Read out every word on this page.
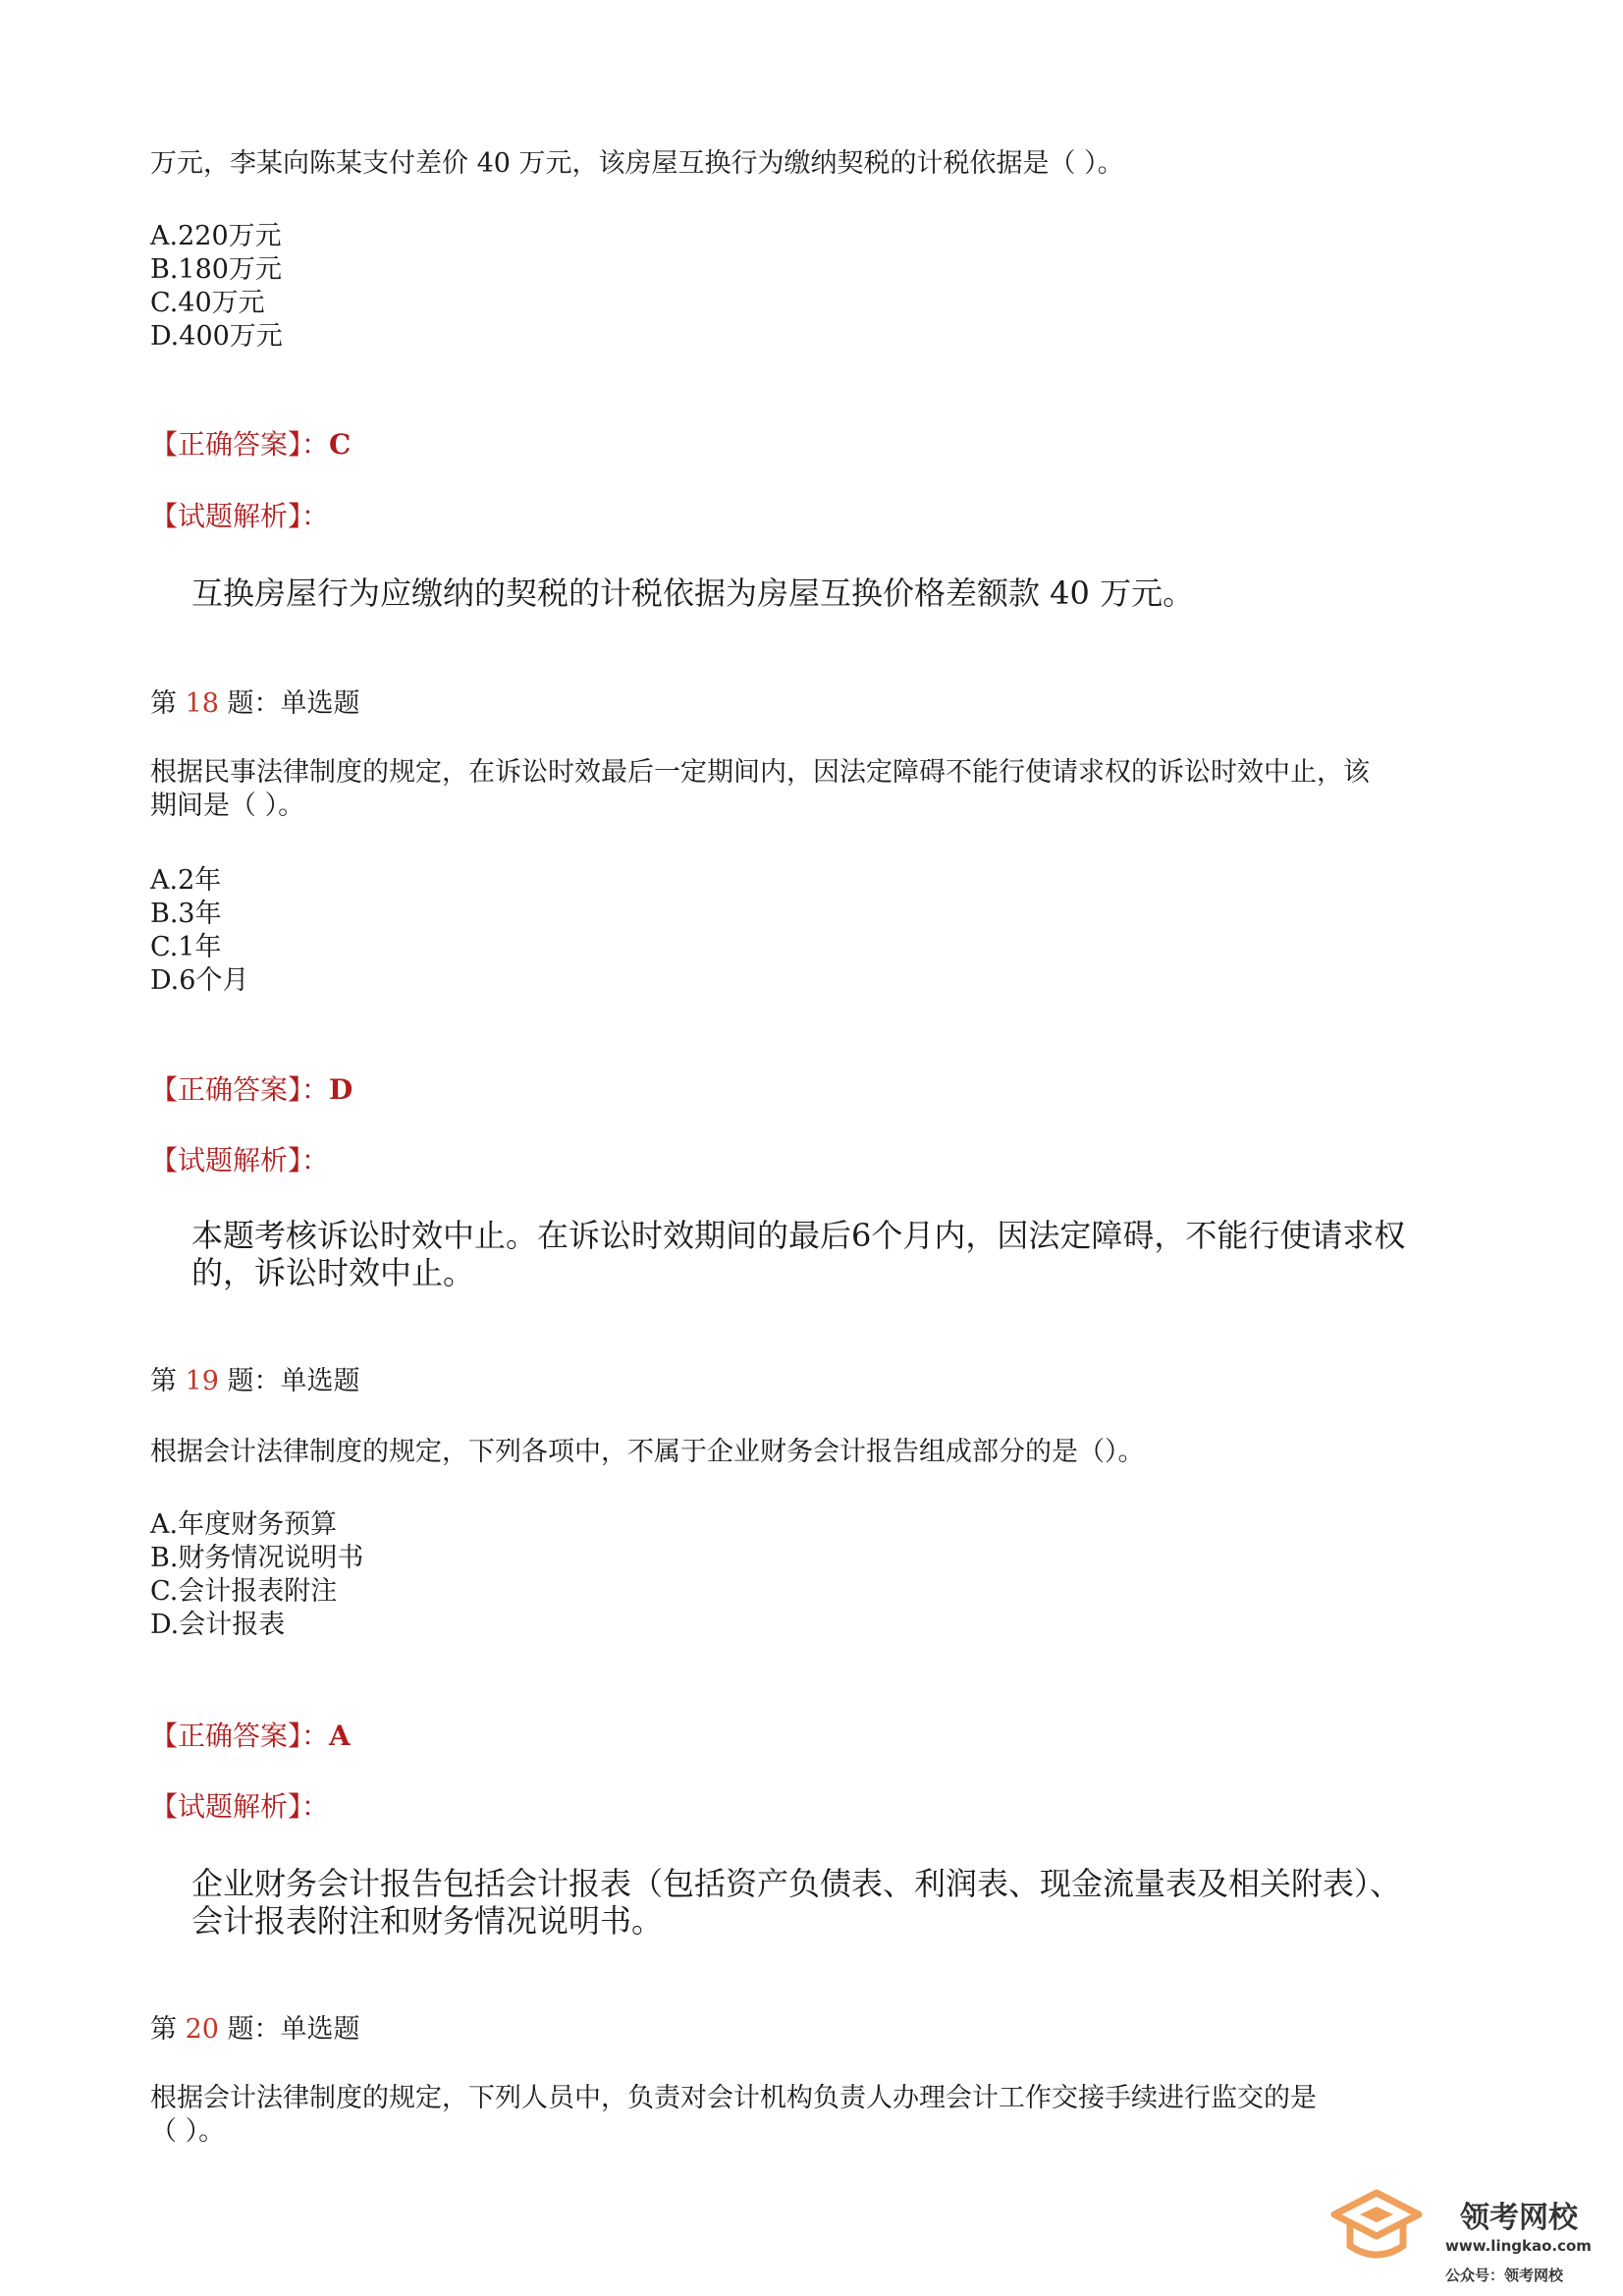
万元，李某向陈某支付差价 40 万元，该房屋互换行为缴纳契税的计税依据是（ ）。
A.220万元
B.180万元
C.40万元
D.400万元
【正确答案】：C
【试题解析】：
互换房屋行为应缴纳的契税的计税依据为房屋互换价格差额款 40 万元。
第 18 题：单选题
根据民事法律制度的规定，在诉讼时效最后一定期间内，因法定障碍不能行使请求权的诉讼时效中止，该
期间是（ ）。
A.2年
B.3年
C.1年
D.6个月
【正确答案】：D
【试题解析】：
本题考核诉讼时效中止。在诉讼时效期间的最后6个月内，因法定障碍，不能行使请求权
的，诉讼时效中止。
第 19 题：单选题
根据会计法律制度的规定，下列各项中，不属于企业财务会计报告组成部分的是（）。
A.年度财务预算
B.财务情况说明书
C.会计报表附注
D.会计报表
【正确答案】：A
【试题解析】：
企业财务会计报告包括会计报表（包括资产负债表、利润表、现金流量表及相关附表）、
会计报表附注和财务情况说明书。
第 20 题：单选题
根据会计法律制度的规定，下列人员中，负责对会计机构负责人办理会计工作交接手续进行监交的是
（ ）。
领考网校
www.lingkao.com
公众号：领考网校
